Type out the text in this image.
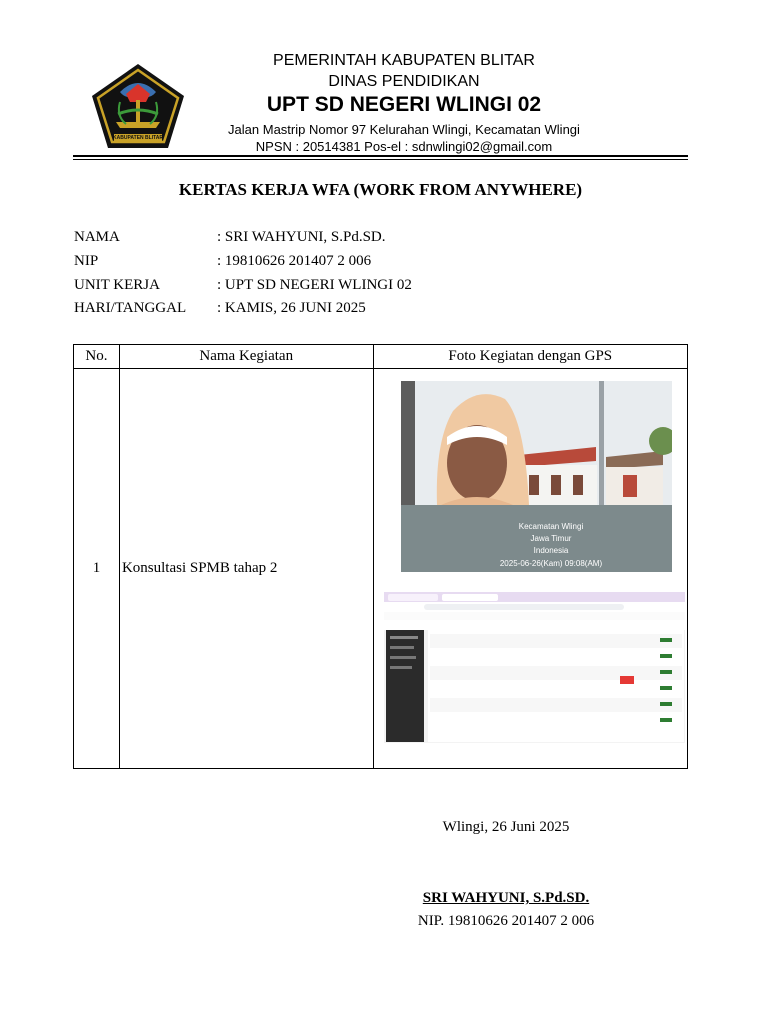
KABUPATEN BLITAR
PEMERINTAH KABUPATEN BLITAR
DINAS PENDIDIKAN
UPT SD NEGERI WLINGI 02
Jalan Mastrip Nomor 97 Kelurahan Wlingi, Kecamatan Wlingi
NPSN : 20514381 Pos-el : sdnwlingi02@gmail.com
KERTAS KERJA WFA (WORK FROM ANYWHERE)
NAMA	: SRI WAHYUNI, S.Pd.SD.
NIP	: 19810626 201407 2 006
UNIT KERJA	: UPT SD NEGERI WLINGI 02
HARI/TANGGAL : KAMIS, 26 JUNI 2025
No.	Nama Kegiatan	Foto Kegiatan dengan GPS
1	Konsultasi SPMB tahap 2	
Kecamatan Wlingi
Jawa Timur
Indonesia
2025-06-26(Kam) 09:08(AM)
Wlingi, 26 Juni 2025
SRI WAHYUNI, S.Pd.SD.
NIP. 19810626 201407 2 006
